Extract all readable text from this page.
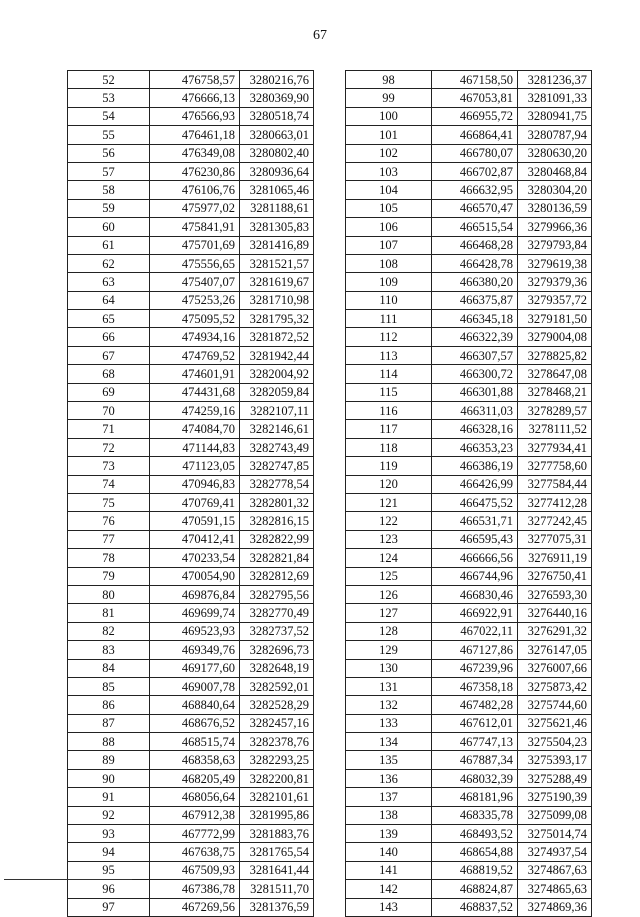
67
52	476758,57	3280216,76
53	476666,13	3280369,90
54	476566,93	3280518,74
55	476461,18	3280663,01
56	476349,08	3280802,40
57	476230,86	3280936,64
58	476106,76	3281065,46
59	475977,02	3281188,61
60	475841,91	3281305,83
61	475701,69	3281416,89
62	475556,65	3281521,57
63	475407,07	3281619,67
64	475253,26	3281710,98
65	475095,52	3281795,32
66	474934,16	3281872,52
67	474769,52	3281942,44
68	474601,91	3282004,92
69	474431,68	3282059,84
70	474259,16	3282107,11
71	474084,70	3282146,61
72	471144,83	3282743,49
73	471123,05	3282747,85
74	470946,83	3282778,54
75	470769,41	3282801,32
76	470591,15	3282816,15
77	470412,41	3282822,99
78	470233,54	3282821,84
79	470054,90	3282812,69
80	469876,84	3282795,56
81	469699,74	3282770,49
82	469523,93	3282737,52
83	469349,76	3282696,73
84	469177,60	3282648,19
85	469007,78	3282592,01
86	468840,64	3282528,29
87	468676,52	3282457,16
88	468515,74	3282378,76
89	468358,63	3282293,25
90	468205,49	3282200,81
91	468056,64	3282101,61
92	467912,38	3281995,86
93	467772,99	3281883,76
94	467638,75	3281765,54
95	467509,93	3281641,44
96	467386,78	3281511,70
97	467269,56	3281376,59
98	467158,50	3281236,37
99	467053,81	3281091,33
100	466955,72	3280941,75
101	466864,41	3280787,94
102	466780,07	3280630,20
103	466702,87	3280468,84
104	466632,95	3280304,20
105	466570,47	3280136,59
106	466515,54	3279966,36
107	466468,28	3279793,84
108	466428,78	3279619,38
109	466380,20	3279379,36
110	466375,87	3279357,72
111	466345,18	3279181,50
112	466322,39	3279004,08
113	466307,57	3278825,82
114	466300,72	3278647,08
115	466301,88	3278468,21
116	466311,03	3278289,57
117	466328,16	3278111,52
118	466353,23	3277934,41
119	466386,19	3277758,60
120	466426,99	3277584,44
121	466475,52	3277412,28
122	466531,71	3277242,45
123	466595,43	3277075,31
124	466666,56	3276911,19
125	466744,96	3276750,41
126	466830,46	3276593,30
127	466922,91	3276440,16
128	467022,11	3276291,32
129	467127,86	3276147,05
130	467239,96	3276007,66
131	467358,18	3275873,42
132	467482,28	3275744,60
133	467612,01	3275621,46
134	467747,13	3275504,23
135	467887,34	3275393,17
136	468032,39	3275288,49
137	468181,96	3275190,39
138	468335,78	3275099,08
139	468493,52	3275014,74
140	468654,88	3274937,54
141	468819,52	3274867,63
142	468824,87	3274865,63
143	468837,52	3274869,36
